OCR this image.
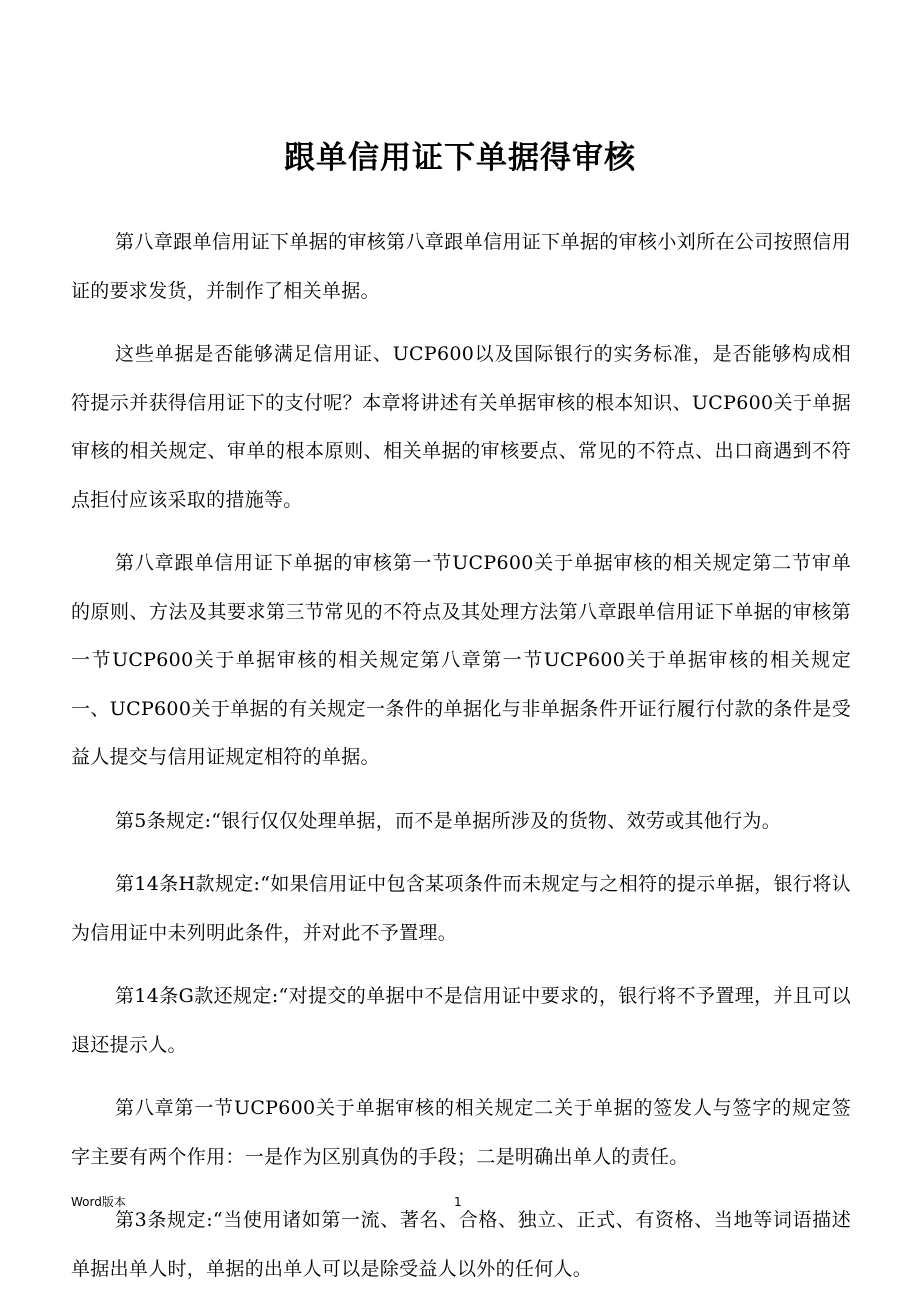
跟单信用证下单据得审核

第八章跟单信用证下单据的审核第八章跟单信用证下单据的审核小刘所在公司按照信用证的要求发货，并制作了相关单据。

这些单据是否能够满足信用证、UCP600以及国际银行的实务标准，是否能够构成相符提示并获得信用证下的支付呢？本章将讲述有关单据审核的根本知识、UCP600关于单据审核的相关规定、审单的根本原则、相关单据的审核要点、常见的不符点、出口商遇到不符点拒付应该采取的措施等。

第八章跟单信用证下单据的审核第一节UCP600关于单据审核的相关规定第二节审单的原则、方法及其要求第三节常见的不符点及其处理方法第八章跟单信用证下单据的审核第一节UCP600关于单据审核的相关规定第八章第一节UCP600关于单据审核的相关规定一、UCP600关于单据的有关规定一条件的单据化与非单据条件开证行履行付款的条件是受益人提交与信用证规定相符的单据。

第5条规定:“银行仅仅处理单据，而不是单据所涉及的货物、效劳或其他行为。

第14条H款规定:“如果信用证中包含某项条件而未规定与之相符的提示单据，银行将认为信用证中未列明此条件，并对此不予置理。

第14条G款还规定:“对提交的单据中不是信用证中要求的，银行将不予置理，并且可以退还提示人。

第八章第一节UCP600关于单据审核的相关规定二关于单据的签发人与签字的规定签字主要有两个作用：一是作为区别真伪的手段；二是明确出单人的责任。

第3条规定:“当使用诸如第一流、著名、合格、独立、正式、有资格、当地等词语描述单据出单人时，单据的出单人可以是除受益人以外的任何人。

Word版本	1
